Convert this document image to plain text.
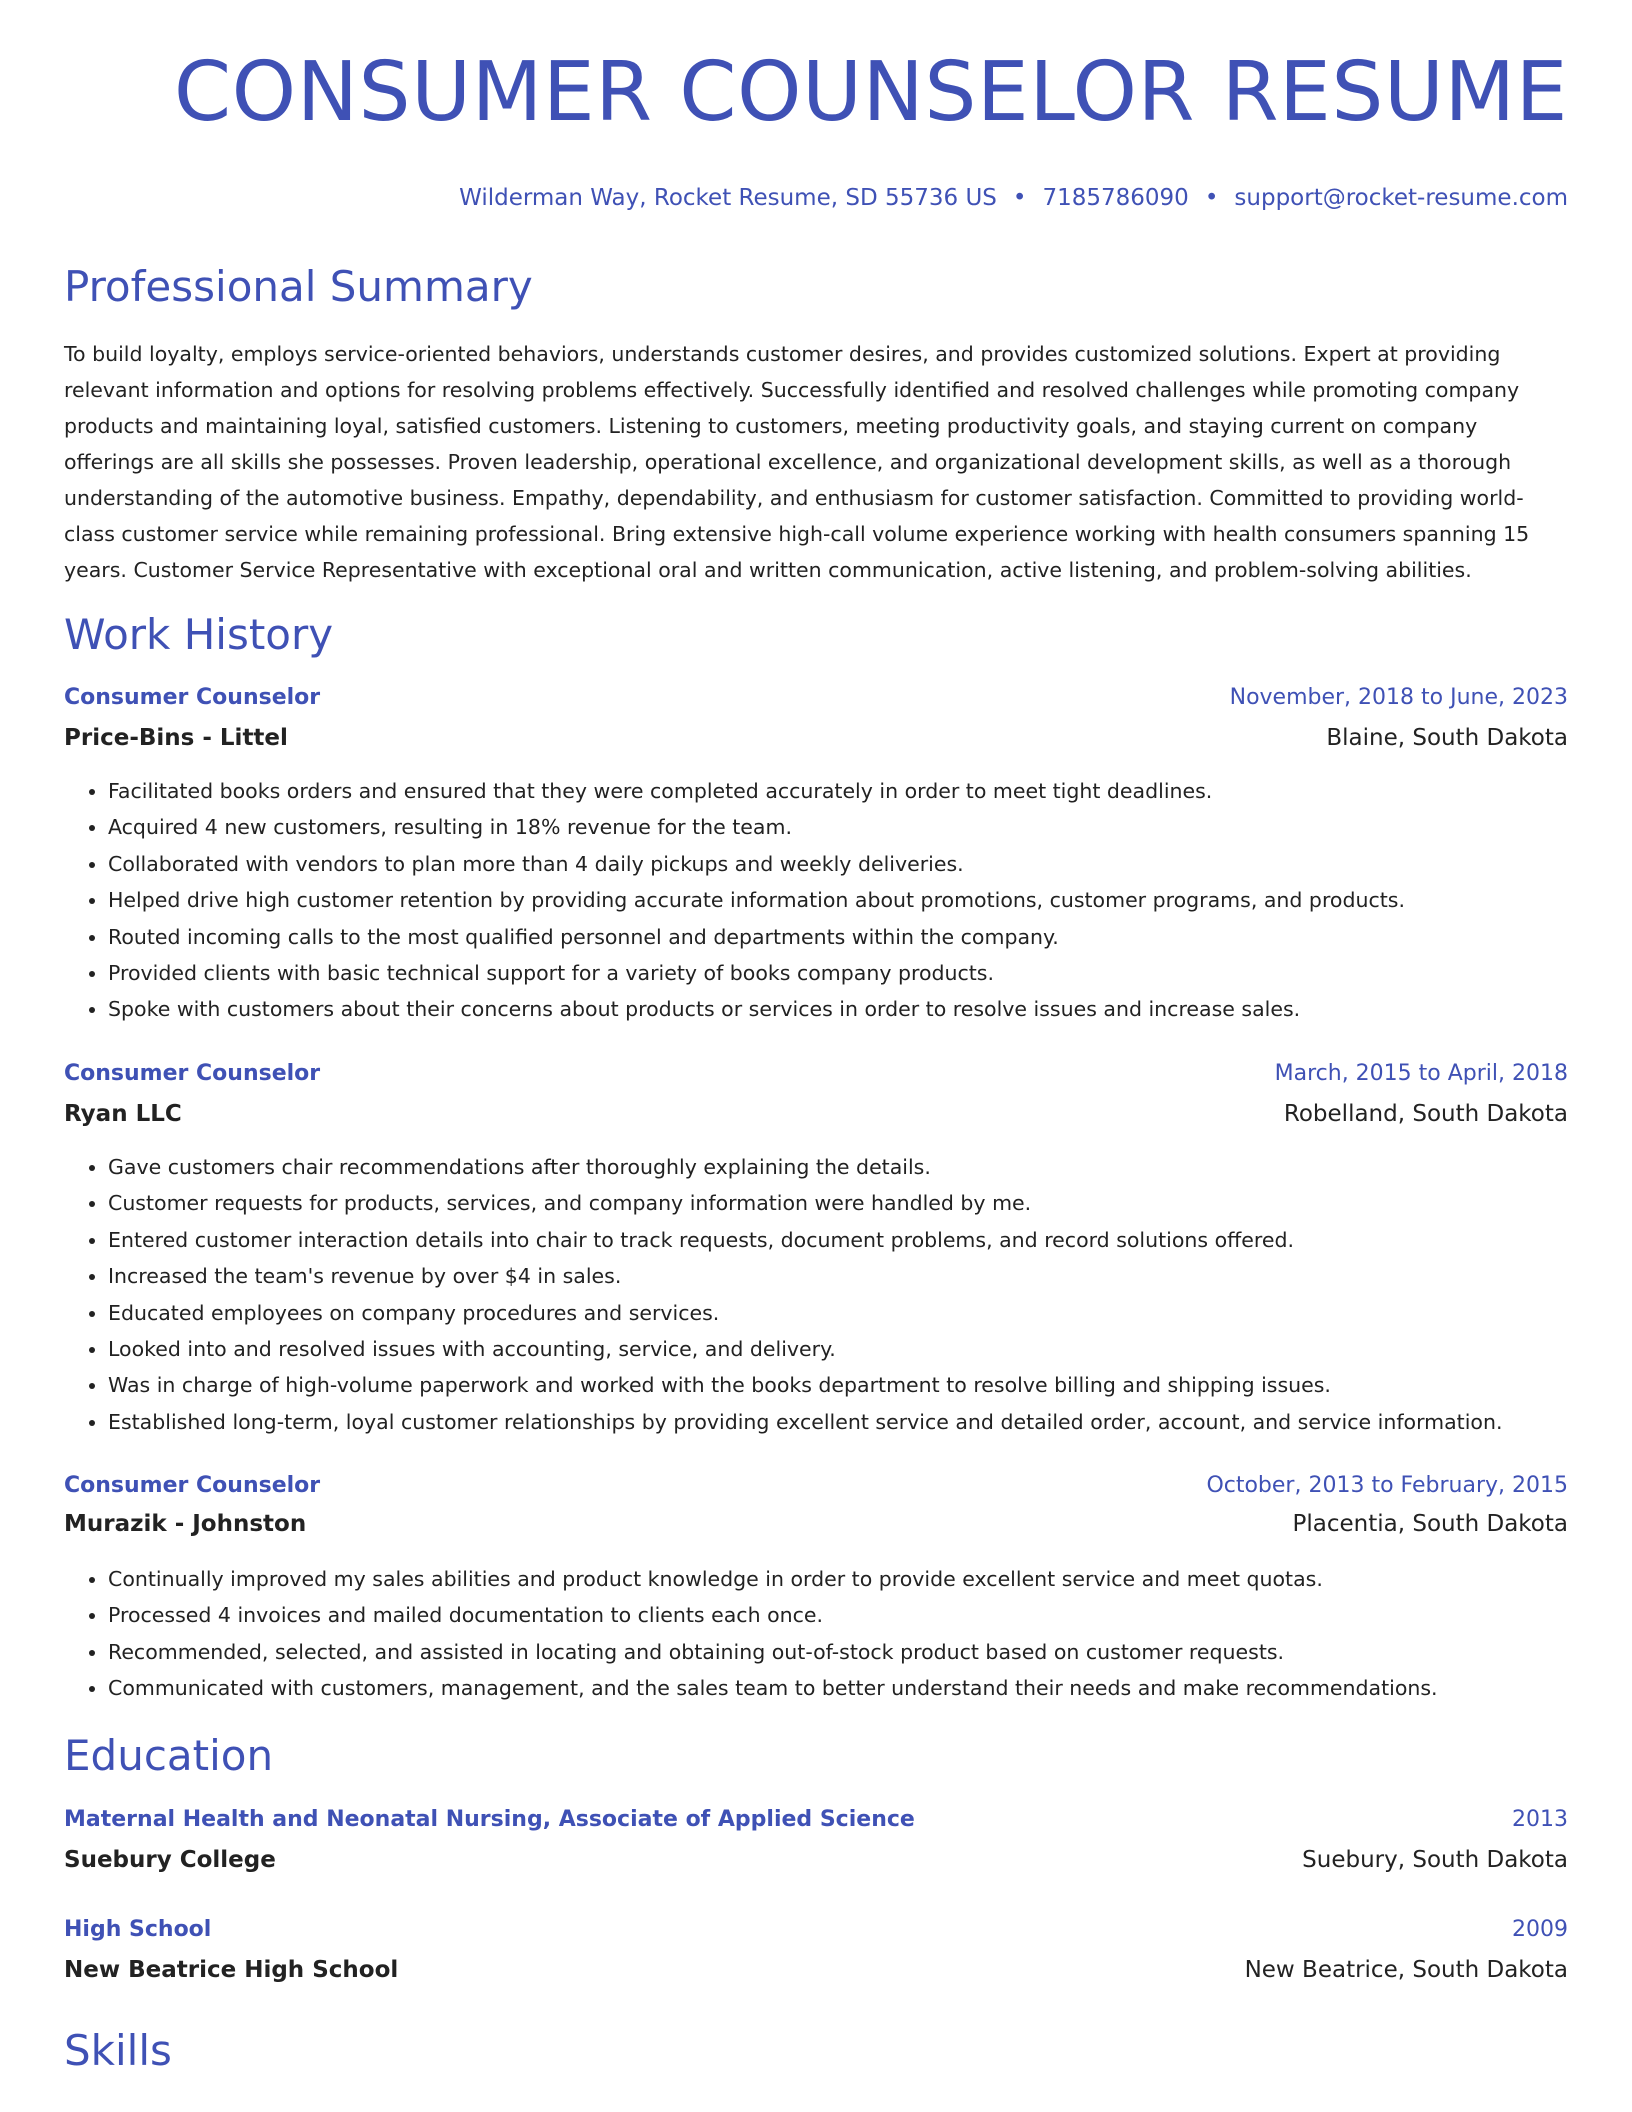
CONSUMER COUNSELOR RESUME
Wilderman Way, Rocket Resume, SD 55736 US • 7185786090 • support@rocket-resume.com
Professional Summary

To build loyalty, employs service-oriented behaviors, understands customer desires, and provides customized solutions. Expert at providing relevant information and options for resolving problems effectively. Successfully identified and resolved challenges while promoting company products and maintaining loyal, satisfied customers. Listening to customers, meeting productivity goals, and staying current on company offerings are all skills she possesses. Proven leadership, operational excellence, and organizational development skills, as well as a thorough understanding of the automotive business. Empathy, dependability, and enthusiasm for customer satisfaction. Committed to providing world-class customer service while remaining professional. Bring extensive high-call volume experience working with health consumers spanning 15 years. Customer Service Representative with exceptional oral and written communication, active listening, and problem-solving abilities.

Work History
Consumer Counselor	November, 2018 to June, 2023
Price-Bins - Littel	Blaine, South Dakota
• Facilitated books orders and ensured that they were completed accurately in order to meet tight deadlines.
• Acquired 4 new customers, resulting in 18% revenue for the team.
• Collaborated with vendors to plan more than 4 daily pickups and weekly deliveries.
• Helped drive high customer retention by providing accurate information about promotions, customer programs, and products.
• Routed incoming calls to the most qualified personnel and departments within the company.
• Provided clients with basic technical support for a variety of books company products.
• Spoke with customers about their concerns about products or services in order to resolve issues and increase sales.
Consumer Counselor	March, 2015 to April, 2018
Ryan LLC	Robelland, South Dakota
• Gave customers chair recommendations after thoroughly explaining the details.
• Customer requests for products, services, and company information were handled by me.
• Entered customer interaction details into chair to track requests, document problems, and record solutions offered.
• Increased the team's revenue by over $4 in sales.
• Educated employees on company procedures and services.
• Looked into and resolved issues with accounting, service, and delivery.
• Was in charge of high-volume paperwork and worked with the books department to resolve billing and shipping issues.
• Established long-term, loyal customer relationships by providing excellent service and detailed order, account, and service information.
Consumer Counselor	October, 2013 to February, 2015
Murazik - Johnston	Placentia, South Dakota
• Continually improved my sales abilities and product knowledge in order to provide excellent service and meet quotas.
• Processed 4 invoices and mailed documentation to clients each once.
• Recommended, selected, and assisted in locating and obtaining out-of-stock product based on customer requests.
• Communicated with customers, management, and the sales team to better understand their needs and make recommendations.
Education
Maternal Health and Neonatal Nursing, Associate of Applied Science	2013
Suebury College	Suebury, South Dakota
High School	2009
New Beatrice High School	New Beatrice, South Dakota
Skills
